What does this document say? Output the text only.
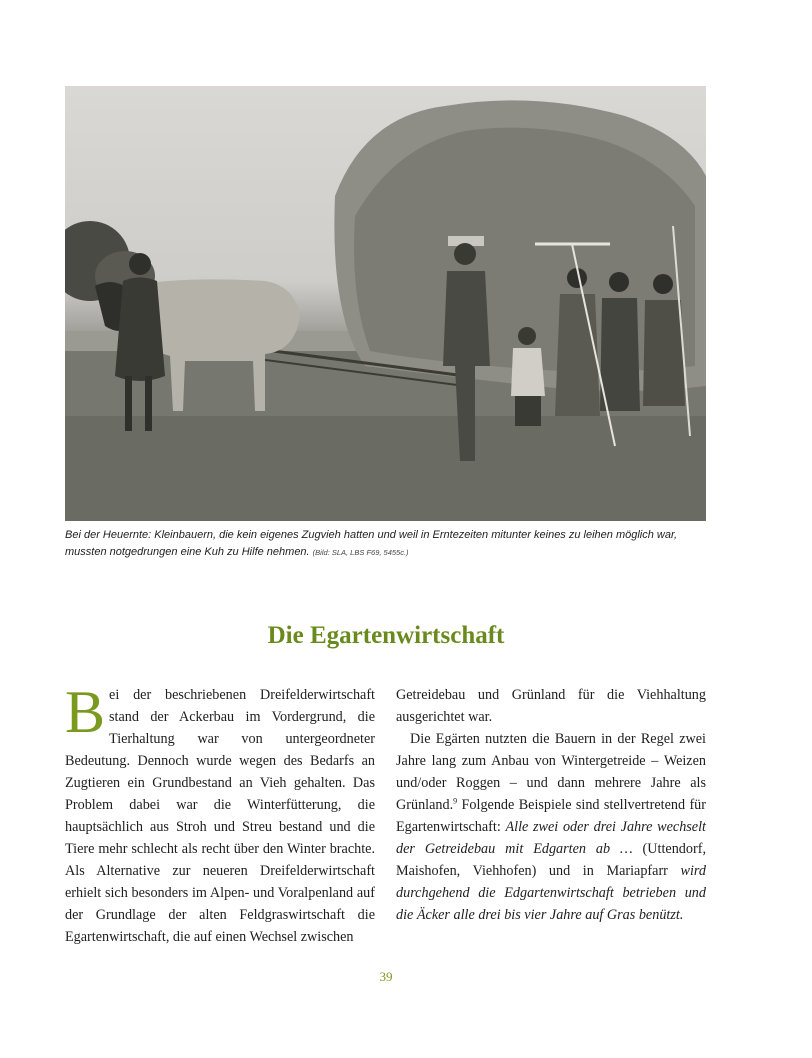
Bei der Heuernte: Kleinbauern, die kein eigenes Zugvieh hatten und weil in Erntezeiten mitunter keines zu leihen möglich war, mussten notgedrungen eine Kuh zu Hilfe nehmen. (Bild: SLA, LBS F69, 5455c.)
Die Egartenwirtschaft

Bei der beschriebenen Dreifelderwirtschaft stand der Ackerbau im Vordergrund, die Tierhaltung war von untergeordneter Bedeutung. Dennoch wurde wegen des Bedarfs an Zugtieren ein Grundbestand an Vieh gehalten. Das Problem dabei war die Winterfütterung, die hauptsächlich aus Stroh und Streu bestand und die Tiere mehr schlecht als recht über den Winter brachte. Als Alternative zur neueren Dreifelderwirtschaft erhielt sich besonders im Alpen- und Voralpenland auf der Grundlage der alten Feldgraswirtschaft die Egartenwirtschaft, die auf einen Wechsel zwischen

Getreidebau und Grünland für die Viehhaltung ausgerichtet war.

Die Egärten nutzten die Bauern in der Regel zwei Jahre lang zum Anbau von Wintergetreide – Weizen und/oder Roggen – und dann mehrere Jahre als Grünland.$^9$ Folgende Beispiele sind stellvertretend für Egartenwirtschaft: Alle zwei oder drei Jahre wechselt der Getreidebau mit Edgarten ab … (Uttendorf, Maishofen, Viehhofen) und in Mariapfarr wird durchgehend die Edgartenwirtschaft betrieben und die Äcker alle drei bis vier Jahre auf Gras benützt.

39
